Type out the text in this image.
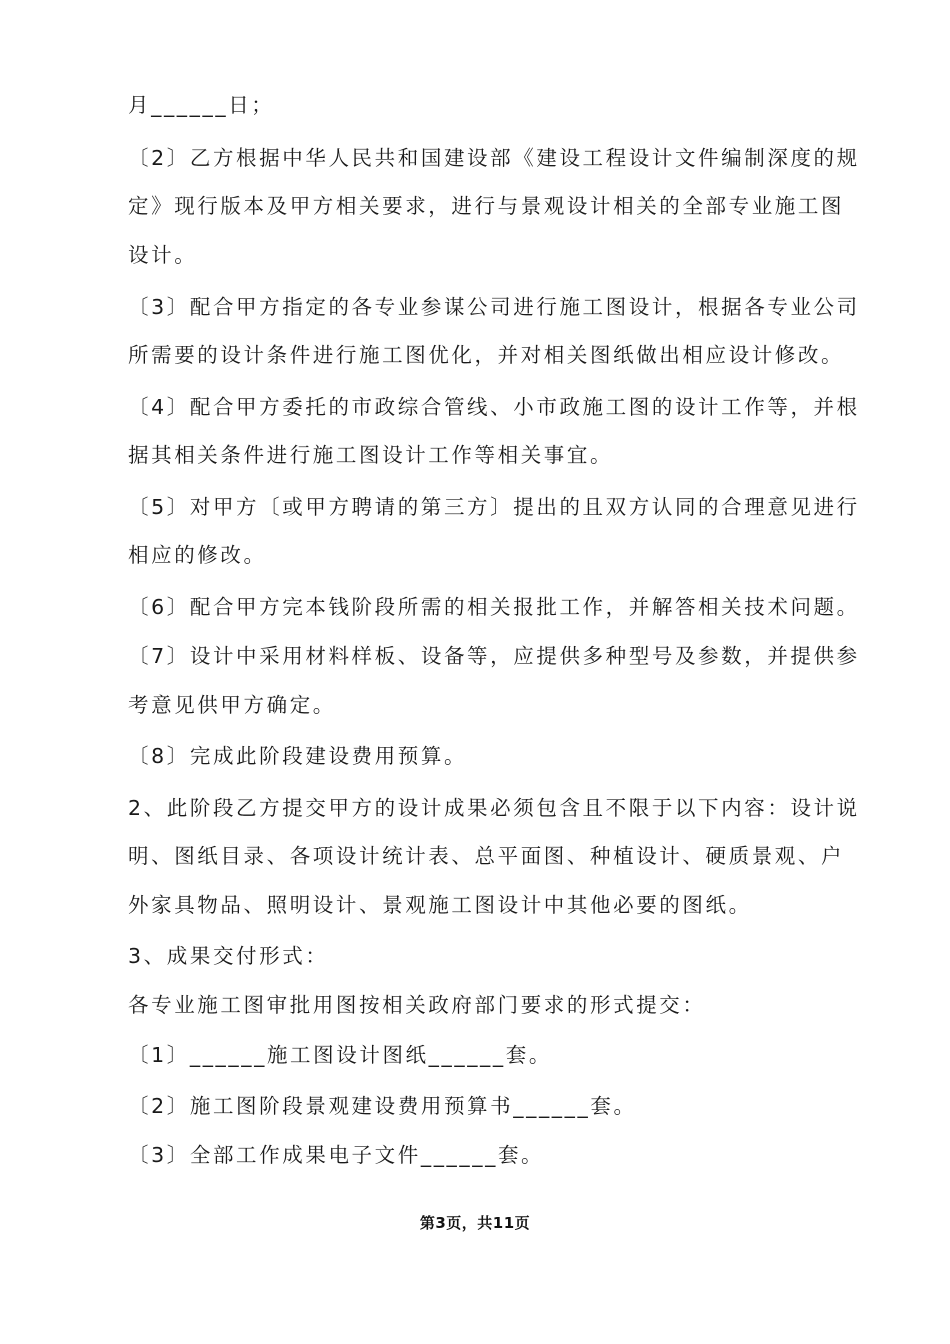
月______日；
〔2〕乙方根据中华人民共和国建设部《建设工程设计文件编制深度的规
定》现行版本及甲方相关要求，进行与景观设计相关的全部专业施工图
设计。
〔3〕配合甲方指定的各专业参谋公司进行施工图设计，根据各专业公司
所需要的设计条件进行施工图优化，并对相关图纸做出相应设计修改。
〔4〕配合甲方委托的市政综合管线、小市政施工图的设计工作等，并根
据其相关条件进行施工图设计工作等相关事宜。
〔5〕对甲方〔或甲方聘请的第三方〕提出的且双方认同的合理意见进行
相应的修改。
〔6〕配合甲方完本钱阶段所需的相关报批工作，并解答相关技术问题。
〔7〕设计中采用材料样板、设备等，应提供多种型号及参数，并提供参
考意见供甲方确定。
〔8〕完成此阶段建设费用预算。
2、此阶段乙方提交甲方的设计成果必须包含且不限于以下内容：设计说
明、图纸目录、各项设计统计表、总平面图、种植设计、硬质景观、户
外家具物品、照明设计、景观施工图设计中其他必要的图纸。
3、成果交付形式：
各专业施工图审批用图按相关政府部门要求的形式提交：
〔1〕______施工图设计图纸______套。
〔2〕施工图阶段景观建设费用预算书______套。
〔3〕全部工作成果电子文件______套。
第3页，共11页
